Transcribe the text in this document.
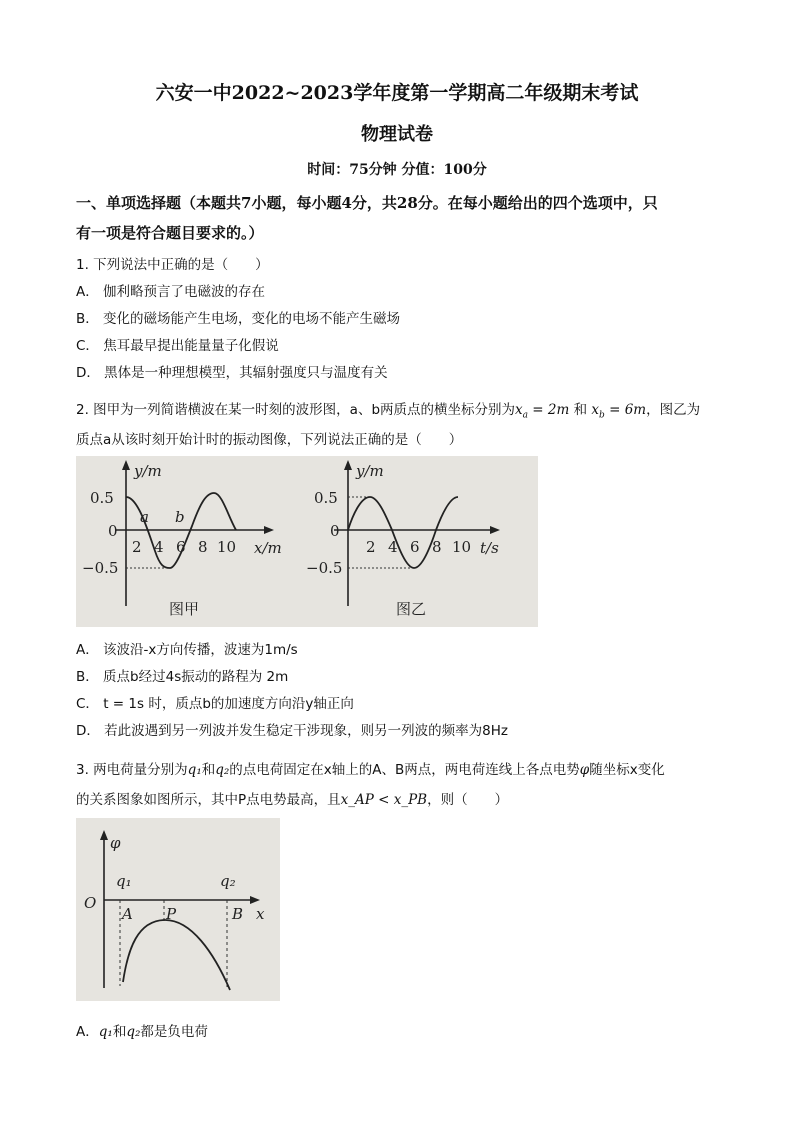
六安一中2022~2023学年度第一学期高二年级期末考试
物理试卷
时间：75分钟 分值：100分
一、单项选择题（本题共7小题，每小题4分，共28分。在每小题给出的四个选项中，只
有一项是符合题目要求的。）
1. 下列说法中正确的是（　　）
A． 伽利略预言了电磁波的存在
B． 变化的磁场能产生电场，变化的电场不能产生磁场
C． 焦耳最早提出能量量子化假说
D． 黑体是一种理想模型，其辐射强度只与温度有关
2. 图甲为一列简谐横波在某一时刻的波形图，a、b两质点的横坐标分别为$x_a = 2m$ 和 $x_b = 6m$，图乙为
质点a从该时刻开始计时的振动图像，下列说法正确的是（　　）
y/m
x/m
0.5
0
−0.5
2 4 6 8 10
a b
图甲
y/m
t/s
0.5
0
−0.5
2 4 6 8 10
图乙
A． 该波沿-x方向传播，波速为1m/s
B． 质点b经过4s振动的路程为 2m
C． t = 1s 时，质点b的加速度方向沿y轴正向
D． 若此波遇到另一列波并发生稳定干涉现象，则另一列波的频率为8Hz
3. 两电荷量分别为q₁和q₂的点电荷固定在x轴上的A、B两点，两电荷连线上各点电势φ随坐标x变化
的关系图象如图所示，其中P点电势最高，且x_AP < x_PB，则（　　）
φ
O
q₁	q₂
A P	B x
A．q₁和q₂都是负电荷
